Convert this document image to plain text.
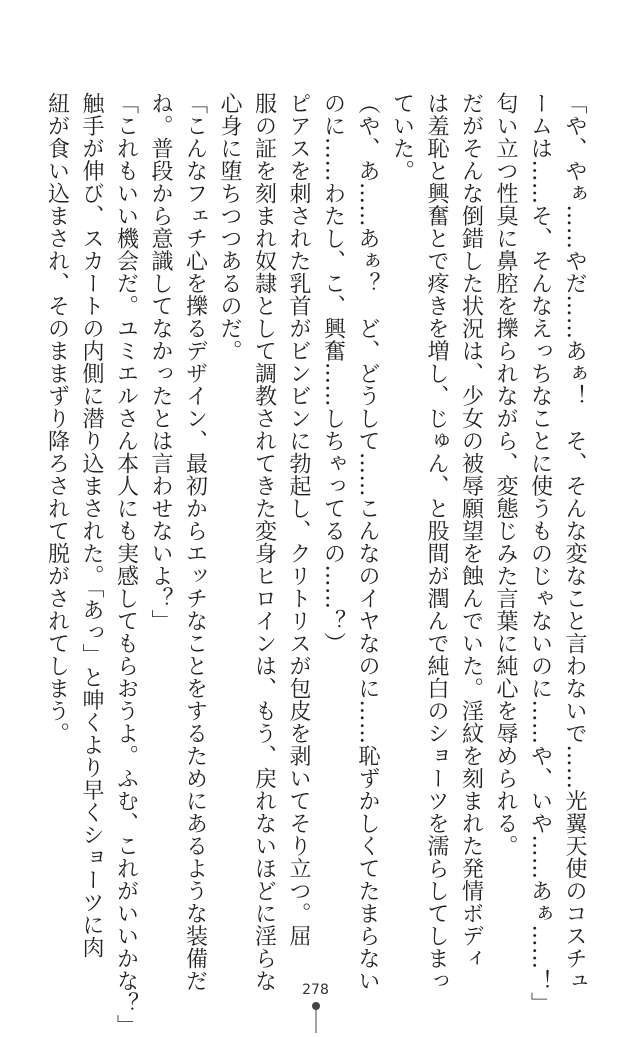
「や、やぁ……やだ……あぁ！　そ、そんな変なこと言わないで……光翼天使のコスチュ
ームは……そ、そんなえっちなことに使うものじゃないのに……や、いや……あぁ……！」
匂い立つ性臭に鼻腔を擽られながら、変態じみた言葉に純心を辱められる。
だがそんな倒錯した状況は、少女の被辱願望を蝕んでいた。淫紋を刻まれた発情ボディ
は羞恥と興奮とで疼きを増し、じゅん、と股間が潤んで純白のショーツを濡らしてしまっ
ていた。
（や、あ……あぁ？　ど、どうして……こんなのイヤなのに……恥ずかしくてたまらない
のに……わたし、こ、興奮……しちゃってるの……？）
ピアスを刺された乳首がビンビンに勃起し、クリトリスが包皮を剥いてそり立つ。屈
服の証を刻まれ奴隷として調教されてきた変身ヒロインは、もう、戻れないほどに淫らな
心身に堕ちつつあるのだ。
「こんなフェチ心を擽るデザイン、最初からエッチなことをするためにあるような装備だ
ね。普段から意識してなかったとは言わせないよ？」
「これもいい機会だ。ユミエルさん本人にも実感してもらおうよ。ふむ、これがいいかな？」
触手が伸び、スカートの内側に潜り込まされた。「あっ」と呻くより早くショーツに肉
紐が食い込まされ、そのままずり降ろされて脱がされてしまう。
278
